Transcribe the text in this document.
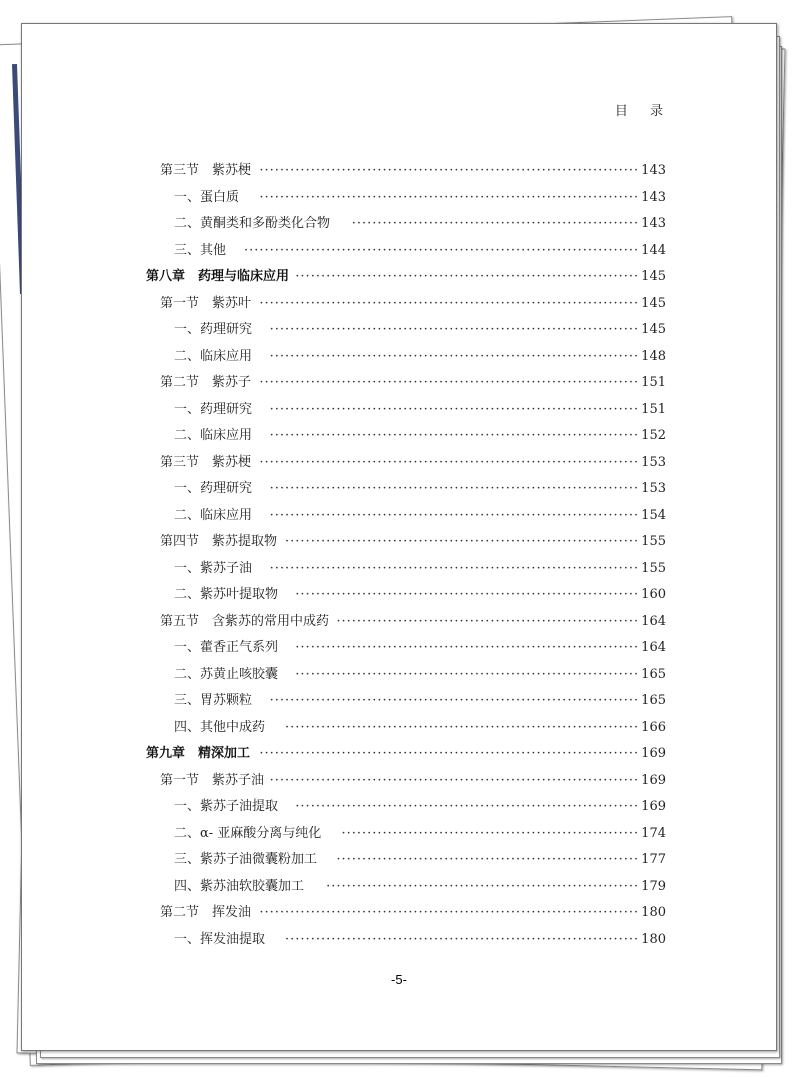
目 录
第三节　紫苏梗 ·········································································· 143
一、蛋白质	·········································································· 143
二、黄酮类和多酚类化合物	························································ 143
三、其他	············································································· 144
第八章　药理与临床应用 ··································································· 145
第一节　紫苏叶 ·········································································· 145
一、药理研究	········································································ 145
二、临床应用	········································································ 148
第二节　紫苏子 ·········································································· 151
一、药理研究	········································································ 151
二、临床应用	········································································ 152
第三节　紫苏梗 ·········································································· 153
一、药理研究	········································································ 153
二、临床应用	········································································ 154
第四节　紫苏提取物 ····································································· 155
一、紫苏子油	········································································ 155
二、紫苏叶提取物	··································································· 160
第五节　含紫苏的常用中成药 ··························································· 164
一、藿香正气系列	··································································· 164
二、苏黄止咳胶囊	··································································· 165
三、胃苏颗粒	········································································ 165
四、其他中成药	····································································· 166
第九章　精深加工 ·········································································· 169
第一节　紫苏子油 ········································································ 169
一、紫苏子油提取	··································································· 169
二、α- 亚麻酸分离与纯化	·························································· 174
三、紫苏子油微囊粉加工	··························································· 177
四、紫苏油软胶囊加工	····························································· 179
第二节　挥发油 ·········································································· 180
一、挥发油提取	····································································· 180
-5-
